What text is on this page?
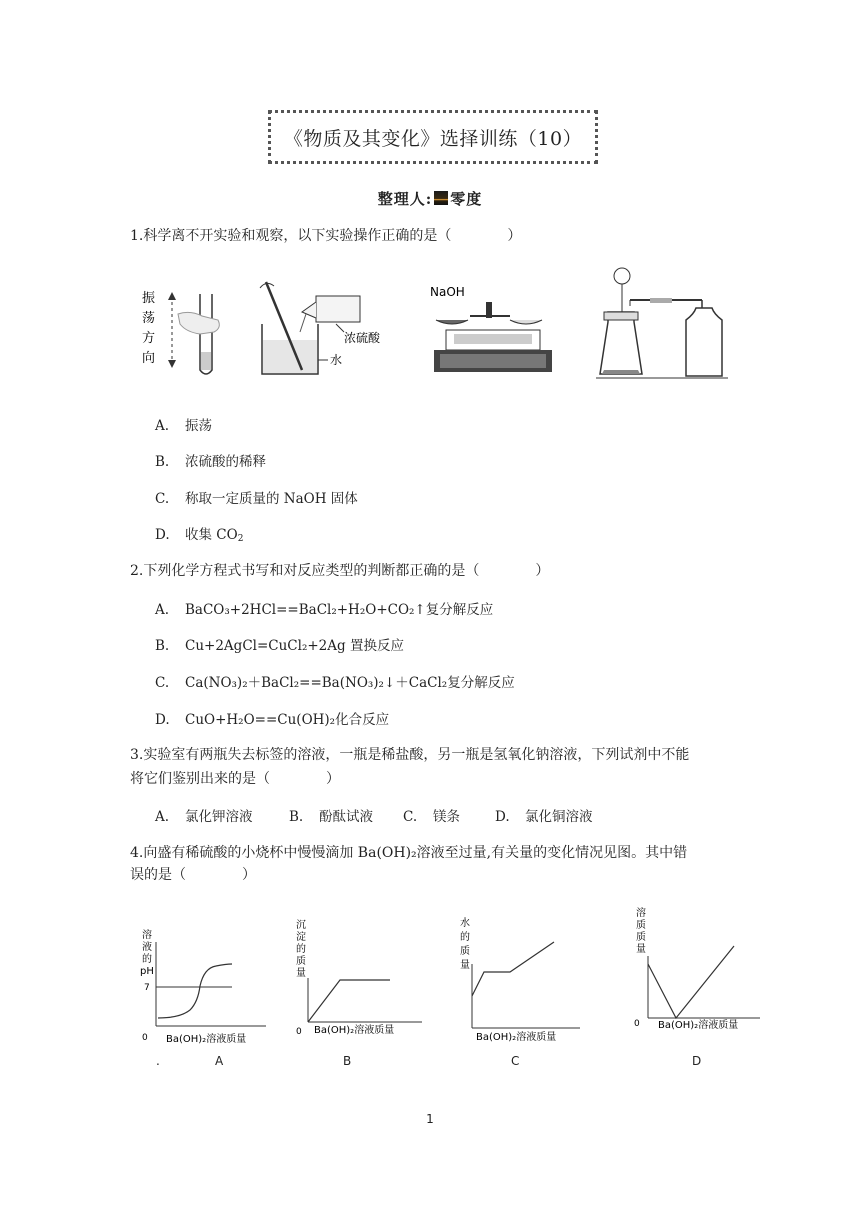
《物质及其变化》选择训练（10）
整理人: 零度
1.科学离不开实验和观察，以下实验操作正确的是（　　　　）
振
荡
方
向
浓硫酸
水
NaOH
A. 振荡
B. 浓硫酸的稀释
C. 称取一定质量的 NaOH 固体
D. 收集 $CO_2$
2.下列化学方程式书写和对反应类型的判断都正确的是（　　　　）
A. BaCO₃+2HCl==BaCl₂+H₂O+CO₂↑复分解反应
B. Cu+2AgCl=CuCl₂+2Ag 置换反应
C. Ca(NO₃)₂＋BaCl₂==Ba(NO₃)₂↓＋CaCl₂复分解反应
D. CuO+H₂O==Cu(OH)₂化合反应
3.实验室有两瓶失去标签的溶液，一瓶是稀盐酸，另一瓶是氢氧化钠溶液，下列试剂中不能
将它们鉴别出来的是（　　　　）
A. 氯化钾溶液	B. 酚酞试液 C. 镁条	D. 氯化铜溶液
4.向盛有稀硫酸的小烧杯中慢慢滴加 Ba(OH)₂溶液至过量,有关量的变化情况见图。其中错
误的是（　　　　）
溶
液
的
pH
7
0 Ba(OH)₂溶液质量
沉
淀
的
质
量
0 Ba(OH)₂溶液质量
水
的
质
量
Ba(OH)₂溶液质量
溶
质
质
量
0 Ba(OH)₂溶液质量
.	A	B	C	D
1
